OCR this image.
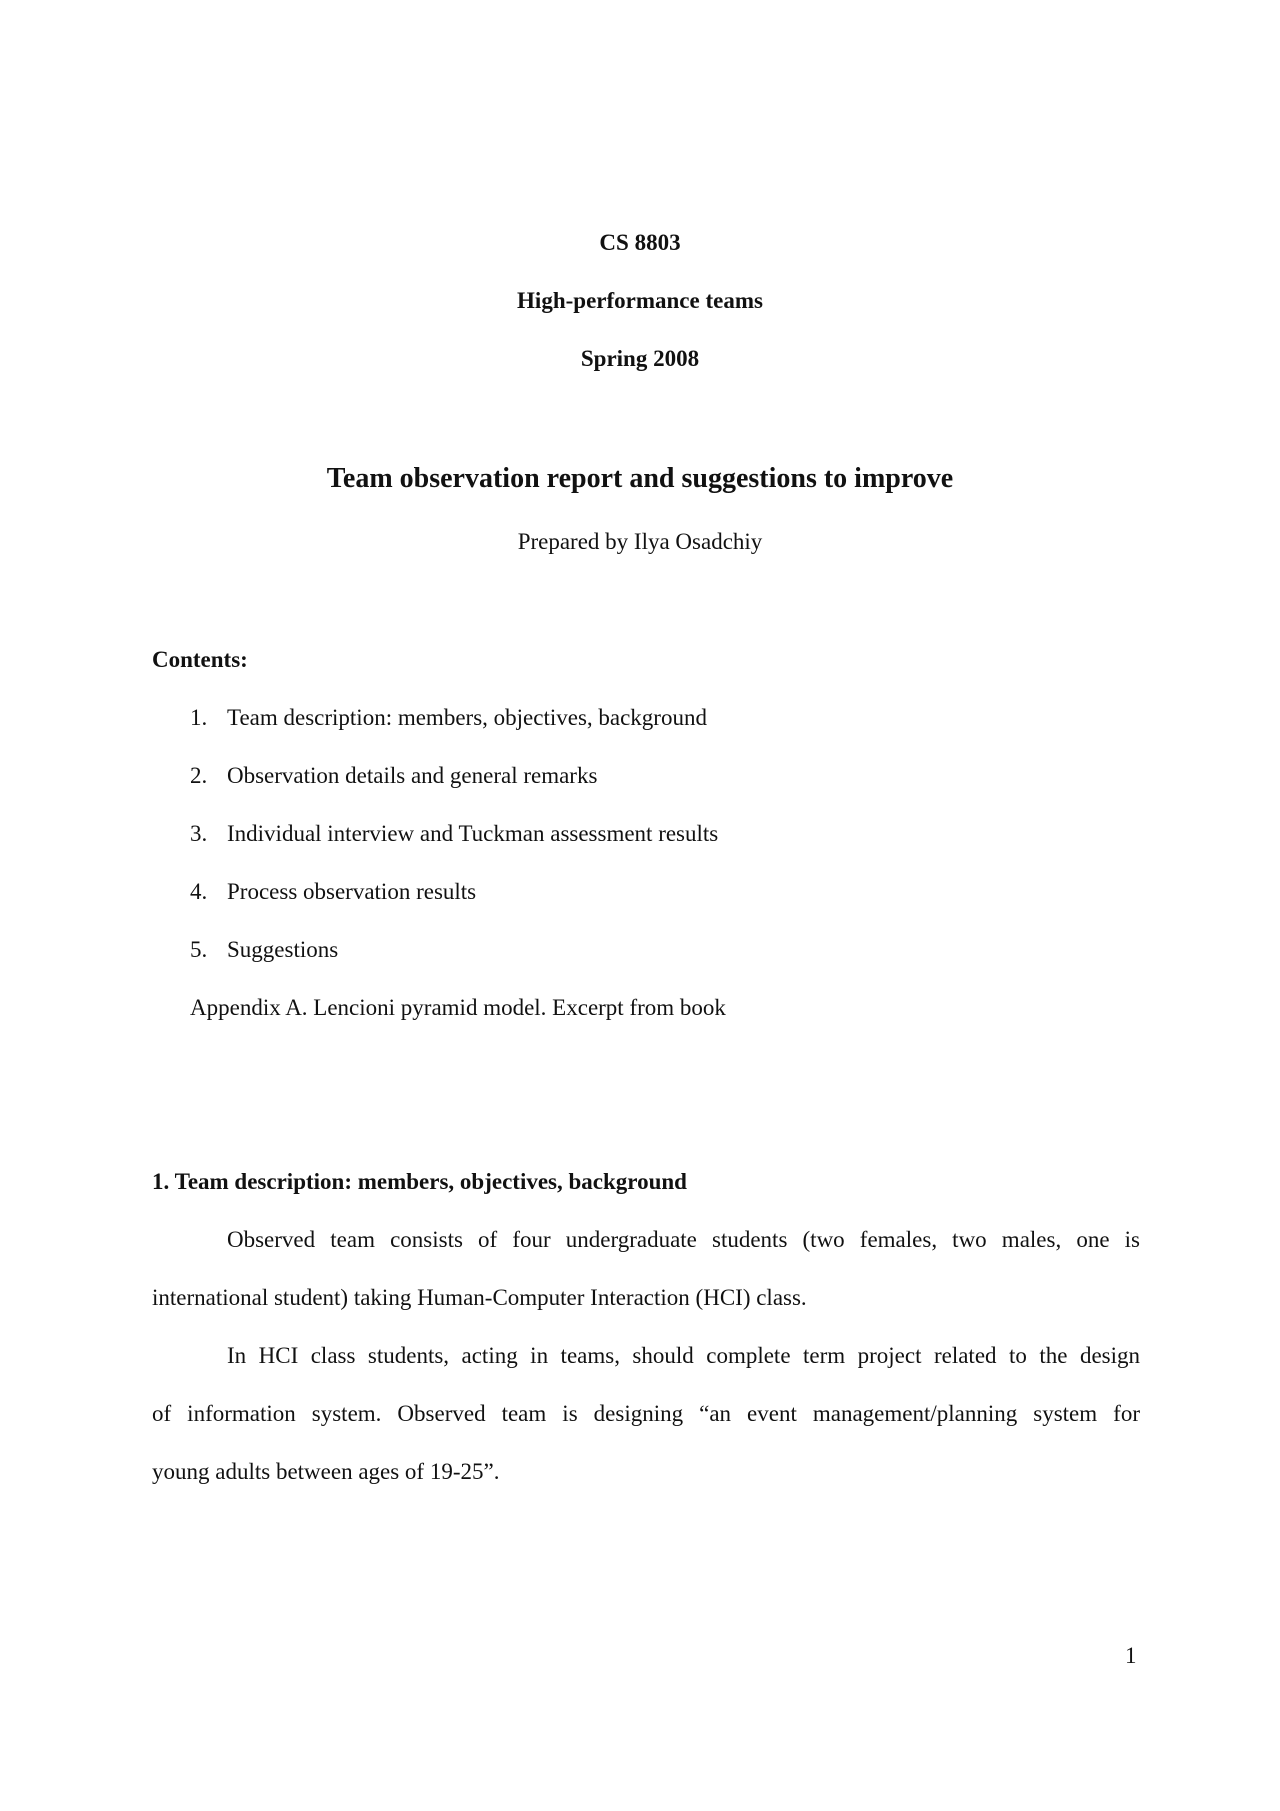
CS 8803
High-performance teams
Spring 2008
Team observation report and suggestions to improve
Prepared by Ilya Osadchiy
Contents:
1. Team description: members, objectives, background
2. Observation details and general remarks
3. Individual interview and Tuckman assessment results
4. Process observation results
5. Suggestions
Appendix A. Lencioni pyramid model. Excerpt from book
1. Team description: members, objectives, background
Observed team consists of four undergraduate students (two females, two males, one is
international student) taking Human-Computer Interaction (HCI) class.
In HCI class students, acting in teams, should complete term project related to the design
of information system. Observed team is designing “an event management/planning system for
young adults between ages of 19-25”.
1
